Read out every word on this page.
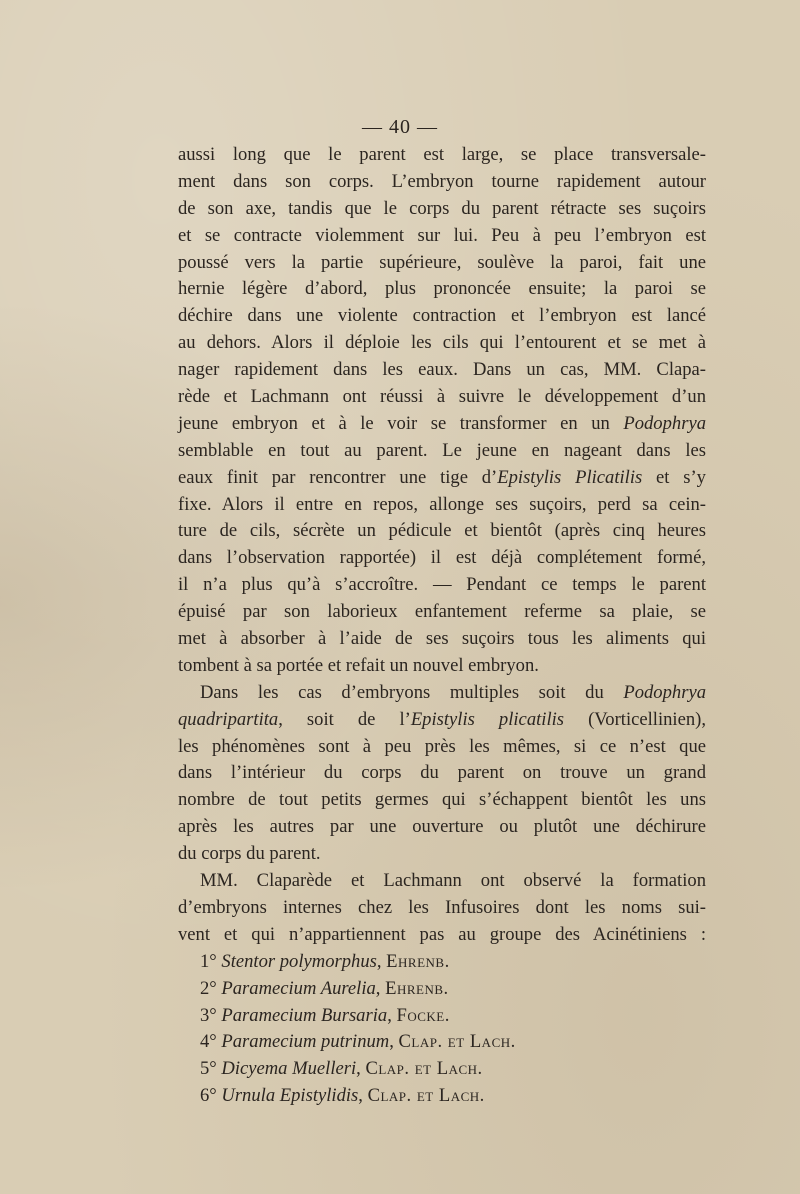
— 40 —
aussi long que le parent est large, se place transversale-
ment dans son corps. L’embryon tourne rapidement autour
de son axe, tandis que le corps du parent rétracte ses suçoirs
et se contracte violemment sur lui. Peu à peu l’embryon est
poussé vers la partie supérieure, soulève la paroi, fait une
hernie légère d’abord, plus prononcée ensuite; la paroi se
déchire dans une violente contraction et l’embryon est lancé
au dehors. Alors il déploie les cils qui l’entourent et se met à
nager rapidement dans les eaux. Dans un cas, MM. Clapa-
rède et Lachmann ont réussi à suivre le développement d’un
jeune embryon et à le voir se transformer en un Podophrya
semblable en tout au parent. Le jeune en nageant dans les
eaux finit par rencontrer une tige d’Epistylis Plicatilis et s’y
fixe. Alors il entre en repos, allonge ses suçoirs, perd sa cein-
ture de cils, sécrète un pédicule et bientôt (après cinq heures
dans l’observation rapportée) il est déjà complétement formé,
il n’a plus qu’à s’accroître. — Pendant ce temps le parent
épuisé par son laborieux enfantement referme sa plaie, se
met à absorber à l’aide de ses suçoirs tous les aliments qui
tombent à sa portée et refait un nouvel embryon.
Dans les cas d’embryons multiples soit du Podophrya
quadripartita, soit de l’Epistylis plicatilis (Vorticellinien),
les phénomènes sont à peu près les mêmes, si ce n’est que
dans l’intérieur du corps du parent on trouve un grand
nombre de tout petits germes qui s’échappent bientôt les uns
après les autres par une ouverture ou plutôt une déchirure
du corps du parent.
MM. Claparède et Lachmann ont observé la formation
d’embryons internes chez les Infusoires dont les noms sui-
vent et qui n’appartiennent pas au groupe des Acinétiniens :
1° Stentor polymorphus, Ehrenb.
2° Paramecium Aurelia, Ehrenb.
3° Paramecium Bursaria, Focke.
4° Paramecium putrinum, Clap. et Lach.
5° Dicyema Muelleri, Clap. et Lach.
6° Urnula Epistylidis, Clap. et Lach.
